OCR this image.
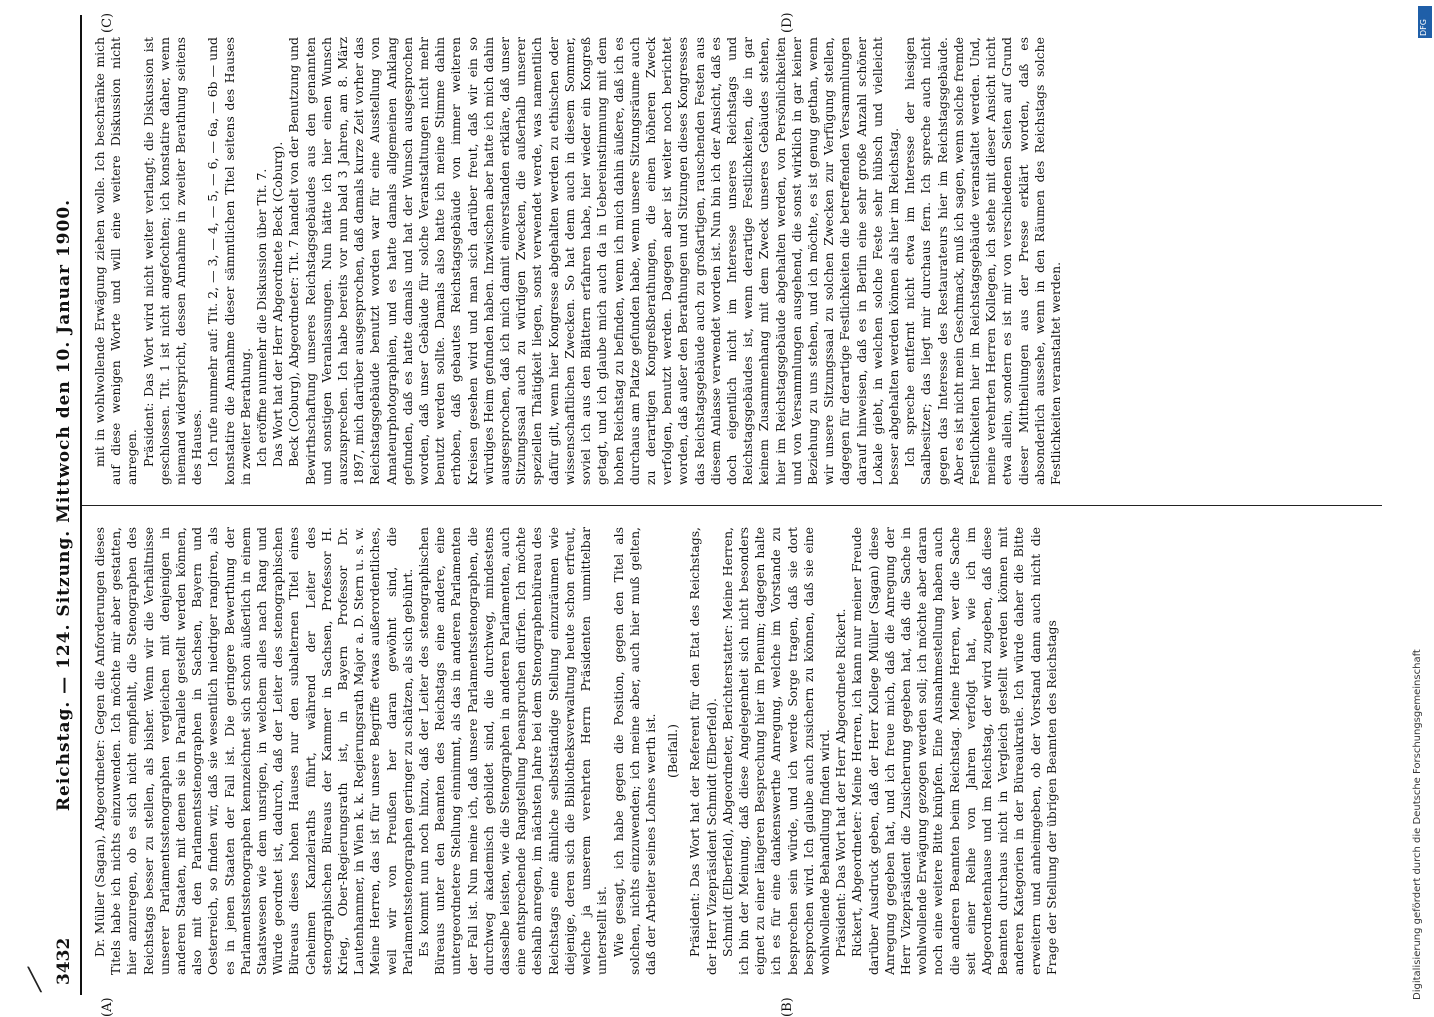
3432
Reichstag. — 124. Sitzung. Mittwoch den 10. Januar 1900.
(A)	(B)
(C)	(D)

Dr. Müller (Sagan), Abgeordneter: Gegen die Anforderungen dieses Titels habe ich nichts einzuwenden. Ich möchte mir aber gestatten, hier anzuregen, ob es sich nicht empfiehlt, die Stenographen des Reichstags besser zu stellen, als bisher. Wenn wir die Verhältnisse unserer Parlamentsstenographen vergleichen mit denjenigen in anderen Staaten, mit denen sie in Parallele gestellt werden können, also mit den Parlamentsstenographen in Sachsen, Bayern und Oesterreich, so finden wir, daß sie wesentlich niedriger rangiren, als es in jenen Staaten der Fall ist. Die geringere Bewerthung der Parlamentsstenographen kennzeichnet sich schon äußerlich in einem Staatswesen wie dem unsrigen, in welchem alles nach Rang und Würde geordnet ist, dadurch, daß der Leiter des stenographischen Büreaus dieses hohen Hauses nur den subalternen Titel eines Geheimen Kanzleiraths führt, während der Leiter des stenographischen Büreaus der Kammer in Sachsen, Professor H. Krieg, Ober-Regierungsrath ist, in Bayern Professor Dr. Lautenhammer, in Wien k. k. Regierungsrath Major a. D. Stern u. s. w. Meine Herren, das ist für unsere Begriffe etwas außerordentliches, weil wir von Preußen her daran gewöhnt sind, die Parlamentsstenographen geringer zu schätzen, als sich gebührt. Es kommt nun noch hinzu, daß der Leiter des stenographischen Büreaus unter den Beamten des Reichstags eine andere, eine untergeordnetere Stellung einnimmt, als das in anderen Parlamenten der Fall ist. Nun meine ich, daß unsere Parlamentsstenographen, die durchweg akademisch gebildet sind, die durchweg, mindestens dasselbe leisten, wie die Stenographen in anderen Parlamenten, auch eine entsprechende Rangstellung beanspruchen dürfen. Ich möchte deshalb anregen, im nächsten Jahre bei dem Stenographenbüreau des Reichstags eine ähnliche selbstständige Stellung einzuräumen wie diejenige, deren sich die Bibliotheksverwaltung heute schon erfreut, welche ja unserem verehrten Herrn Präsidenten unmittelbar unterstellt ist. Wie gesagt, ich habe gegen die Position, gegen den Titel als solchen, nichts einzuwenden; ich meine aber, auch hier muß gelten, daß der Arbeiter seines Lohnes werth ist. (Beifall.) Präsident: Das Wort hat der Referent für den Etat des Reichstags, der Herr Vizepräsident Schmidt (Elberfeld). Schmidt (Elberfeld), Abgeordneter, Berichterstatter: Meine Herren, ich bin der Meinung, daß diese Angelegenheit sich nicht besonders eignet zu einer längeren Besprechung hier im Plenum; dagegen halte ich es für eine dankenswerthe Anregung, welche im Vorstande zu besprechen sein würde, und ich werde Sorge tragen, daß sie dort besprochen wird. Ich glaube auch zusichern zu können, daß sie eine wohlwollende Behandlung finden wird. Präsident: Das Wort hat der Herr Abgeordnete Rickert. Rickert, Abgeordneter: Meine Herren, ich kann nur meiner Freude darüber Ausdruck geben, daß der Herr Kollege Müller (Sagan) diese Anregung gegeben hat, und ich freue mich, daß die Anregung der Herr Vizepräsident die Zusicherung gegeben hat, daß die Sache in wohlwollende Erwägung gezogen werden soll; ich möchte aber daran noch eine weitere Bitte knüpfen. Eine Ausnahmestellung haben auch die anderen Beamten beim Reichstag. Meine Herren, wer die Sache seit einer Reihe von Jahren verfolgt hat, wie ich im Abgeordnetenhause und im Reichstag, der wird zugeben, daß diese Beamten durchaus nicht in Vergleich gestellt werden können mit anderen Kategorien in der Büreaukratie. Ich würde daher die Bitte erweitern und anheimgeben, ob der Vorstand dann auch nicht die Frage der Stellung der übrigen Beamten des Reichstags

mit in wohlwollende Erwägung ziehen wolle. Ich beschränke mich auf diese wenigen Worte und will eine weitere Diskussion nicht anregen. Präsident: Das Wort wird nicht weiter verlangt; die Diskussion ist geschlossen. Tit. 1 ist nicht angefochten; ich konstatire daher, wenn niemand widerspricht, dessen Annahme in zweiter Berathung seitens des Hauses. Ich rufe nunmehr auf: Tit. 2, — 3, — 4, — 5, — 6, — 6a, — 6b — und konstatire die Annahme dieser sämmtlichen Titel seitens des Hauses in zweiter Berathung. Ich eröffne nunmehr die Diskussion über Tit. 7. Das Wort hat der Herr Abgeordnete Beck (Coburg). Beck (Coburg), Abgeordneter: Tit. 7 handelt von der Benutzung und Bewirthschaftung unseres Reichstagsgebäudes aus den genannten und sonstigen Veranlassungen. Nun hätte ich hier einen Wunsch auszusprechen. Ich habe bereits vor nun bald 3 Jahren, am 8. März 1897, mich darüber ausgesprochen, daß damals kurze Zeit vorher das Reichstagsgebäude benutzt worden war für eine Ausstellung von Amateurphotographien, und es hatte damals allgemeinen Anklang gefunden, daß es hatte damals und hat der Wunsch ausgesprochen worden, daß unser Gebäude für solche Veranstaltungen nicht mehr benutzt werden sollte. Damals also hatte ich meine Stimme dahin erhoben, daß gebautes Reichstagsgebäude von immer weiteren Kreisen gesehen wird und man sich darüber freut, daß wir ein so würdiges Heim gefunden haben. Inzwischen aber hatte ich mich dahin ausgesprochen, daß ich mich damit einverstanden erkläre, daß unser Sitzungssaal auch zu würdigen Zwecken, die außerhalb unserer speziellen Thätigkeit liegen, sonst verwendet werde, was namentlich dafür gilt, wenn hier Kongresse abgehalten werden zu ethischen oder wissenschaftlichen Zwecken. So hat denn auch in diesem Sommer, soviel ich aus den Blättern erfahren habe, hier wieder ein Kongreß getagt, und ich glaube mich auch da in Uebereinstimmung mit dem hohen Reichstag zu befinden, wenn ich mich dahin äußere, daß ich es durchaus am Platze gefunden habe, wenn unsere Sitzungsräume auch zu derartigen Kongreßberathungen, die einen höheren Zweck verfolgen, benutzt werden. Dagegen aber ist weiter noch berichtet worden, daß außer den Berathungen und Sitzungen dieses Kongresses das Reichstagsgebäude auch zu großartigen, rauschenden Festen aus diesem Anlasse verwendet worden ist. Nun bin ich der Ansicht, daß es doch eigentlich nicht im Interesse unseres Reichstags und Reichstagsgebäudes ist, wenn derartige Festlichkeiten, die in gar keinem Zusammenhang mit dem Zweck unseres Gebäudes stehen, hier im Reichstagsgebäude abgehalten werden, von Persönlichkeiten und von Versammlungen ausgehend, die sonst wirklich in gar keiner Beziehung zu uns stehen, und ich möchte, es ist genug gethan, wenn wir unsere Sitzungssaal zu solchen Zwecken zur Verfügung stellen, dagegen für derartige Festlichkeiten die betreffenden Versammlungen darauf hinweisen, daß es in Berlin eine sehr große Anzahl schöner Lokale giebt, in welchen solche Feste sehr hübsch und vielleicht besser abgehalten werden können als hier im Reichstag. Ich spreche entfernt nicht etwa im Interesse der hiesigen Saalbesitzer; das liegt mir durchaus fern. Ich spreche auch nicht gegen das Interesse des Restaurateurs hier im Reichstagsgebäude. Aber es ist nicht mein Geschmack, muß ich sagen, wenn solche fremde Festlichkeiten hier im Reichstagsgebäude veranstaltet werden. Und, meine verehrten Herren Kollegen, ich stehe mit dieser Ansicht nicht etwa allein, sondern es ist mir von verschiedenen Seiten auf Grund dieser Mittheilungen aus der Presse erklärt worden, daß es absonderlich aussehe, wenn in den Räumen des Reichstags solche Festlichkeiten veranstaltet werden.

Digitalisierung gefördert durch die Deutsche Forschungsgemeinschaft
DFG
╲
